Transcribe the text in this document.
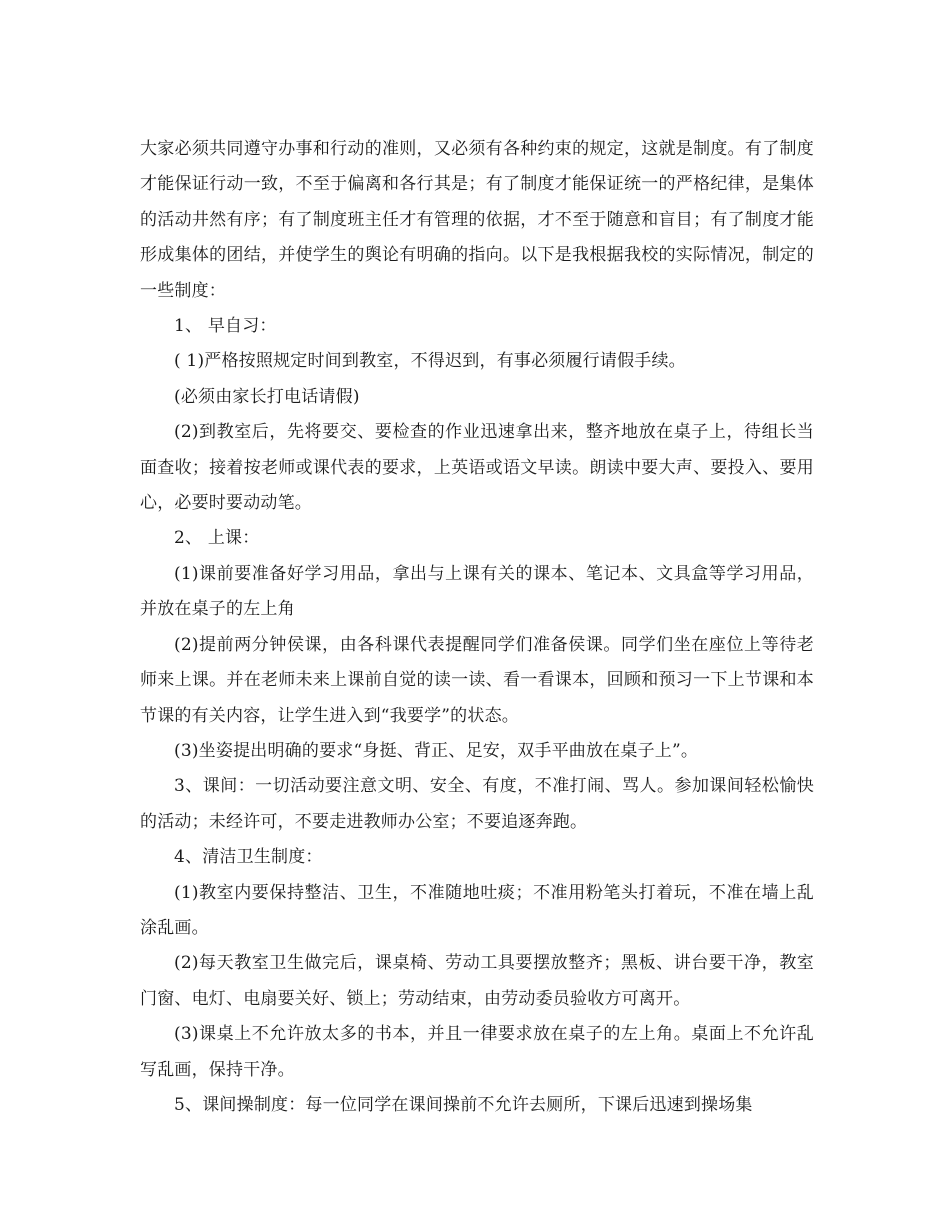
大家必须共同遵守办事和行动的准则，又必须有各种约束的规定，这就是制度。有了制度才能保证行动一致，不至于偏离和各行其是；有了制度才能保证统一的严格纪律，是集体的活动井然有序；有了制度班主任才有管理的依据，才不至于随意和盲目；有了制度才能形成集体的团结，并使学生的舆论有明确的指向。以下是我根据我校的实际情况，制定的一些制度：

1、 早自习：

( 1)严格按照规定时间到教室，不得迟到，有事必须履行请假手续。

(必须由家长打电话请假)

(2)到教室后，先将要交、要检查的作业迅速拿出来，整齐地放在桌子上，待组长当面查收；接着按老师或课代表的要求，上英语或语文早读。朗读中要大声、要投入、要用心，必要时要动动笔。

2、 上课：

(1)课前要准备好学习用品，拿出与上课有关的课本、笔记本、文具盒等学习用品，并放在桌子的左上角

(2)提前两分钟侯课，由各科课代表提醒同学们准备侯课。同学们坐在座位上等待老师来上课。并在老师未来上课前自觉的读一读、看一看课本，回顾和预习一下上节课和本节课的有关内容，让学生进入到“我要学”的状态。

(3)坐姿提出明确的要求“身挺、背正、足安，双手平曲放在桌子上”。

3、课间：一切活动要注意文明、安全、有度，不准打闹、骂人。参加课间轻松愉快的活动；未经许可，不要走进教师办公室；不要追逐奔跑。

4、清洁卫生制度：

(1)教室内要保持整洁、卫生，不准随地吐痰；不准用粉笔头打着玩，不准在墙上乱涂乱画。

(2)每天教室卫生做完后，课桌椅、劳动工具要摆放整齐；黑板、讲台要干净，教室门窗、电灯、电扇要关好、锁上；劳动结束，由劳动委员验收方可离开。

(3)课桌上不允许放太多的书本，并且一律要求放在桌子的左上角。桌面上不允许乱写乱画，保持干净。

5、课间操制度：每一位同学在课间操前不允许去厕所，下课后迅速到操场集
